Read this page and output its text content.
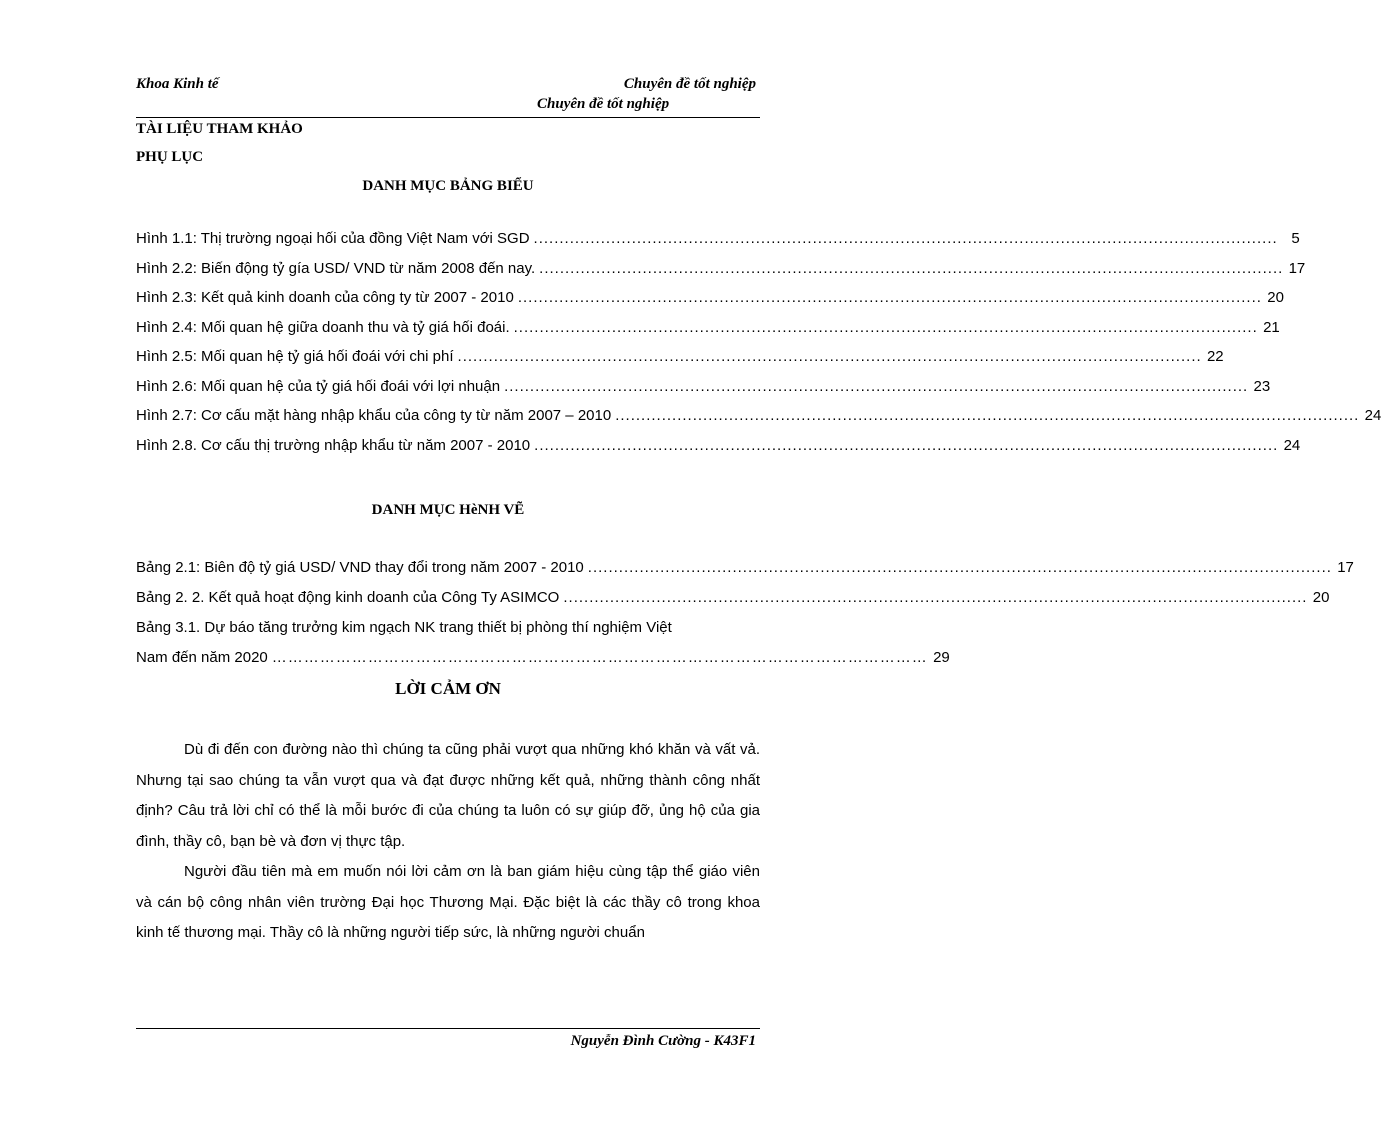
Khoa Kinh tế	Chuyên đề tốt nghiệp
Chuyên đề tốt nghiệp
TÀI LIỆU THAM KHẢO
PHỤ LỤC
DANH MỤC BẢNG BIỂU
Hình 1.1: Thị trường ngoại hối của đồng Việt Nam với SGD ................................................................................................................................................ 5
Hình 2.2: Biến động tỷ gía USD/ VND từ năm 2008 đến nay. ................................................................................................................................................ 17
Hình 2.3: Kết quả kinh doanh của công ty từ 2007 - 2010 ................................................................................................................................................ 20
Hình 2.4: Mối quan hệ giữa doanh thu và tỷ giá hối đoái. ................................................................................................................................................ 21
Hình 2.5: Mối quan hệ tỷ giá hối đoái với chi phí ................................................................................................................................................ 22
Hình 2.6: Mối quan hệ của tỷ giá hối đoái với lợi nhuận ................................................................................................................................................ 23
Hình 2.7: Cơ cấu mặt hàng nhập khẩu của công ty từ năm 2007 – 2010 ................................................................................................................................................ 24
Hình 2.8. Cơ cấu thị trường nhập khẩu từ năm 2007 - 2010 ................................................................................................................................................ 24
DANH MỤC HèNH VẼ
Bảng 2.1: Biên độ tỷ giá USD/ VND thay đổi trong năm 2007 - 2010 ................................................................................................................................................ 17
Bảng 2. 2. Kết quả hoạt động kinh doanh của Công Ty ASIMCO ................................................................................................................................................ 20
Bảng 3.1. Dự báo tăng trưởng kim ngạch NK trang thiết bị phòng thí nghiệm Việt
Nam đến năm 2020 …………………………………………………………………………………………………………… 29
LỜI CẢM ƠN

Dù đi đến con đường nào thì chúng ta cũng phải vượt qua những khó khăn và vất vả. Nhưng tại sao chúng ta vẫn vượt qua và đạt được những kết quả, những thành công nhất định? Câu trả lời chỉ có thể là mỗi bước đi của chúng ta luôn có sự giúp đỡ, ủng hộ của gia đình, thầy cô, bạn bè và đơn vị thực tập.

Người đầu tiên mà em muốn nói lời cảm ơn là ban giám hiệu cùng tập thể giáo viên và cán bộ công nhân viên trường Đại học Thương Mại. Đặc biệt là các thầy cô trong khoa kinh tế thương mại. Thầy cô là những người tiếp sức, là những người chuẩn

Nguyễn Đình Cường - K43F1
